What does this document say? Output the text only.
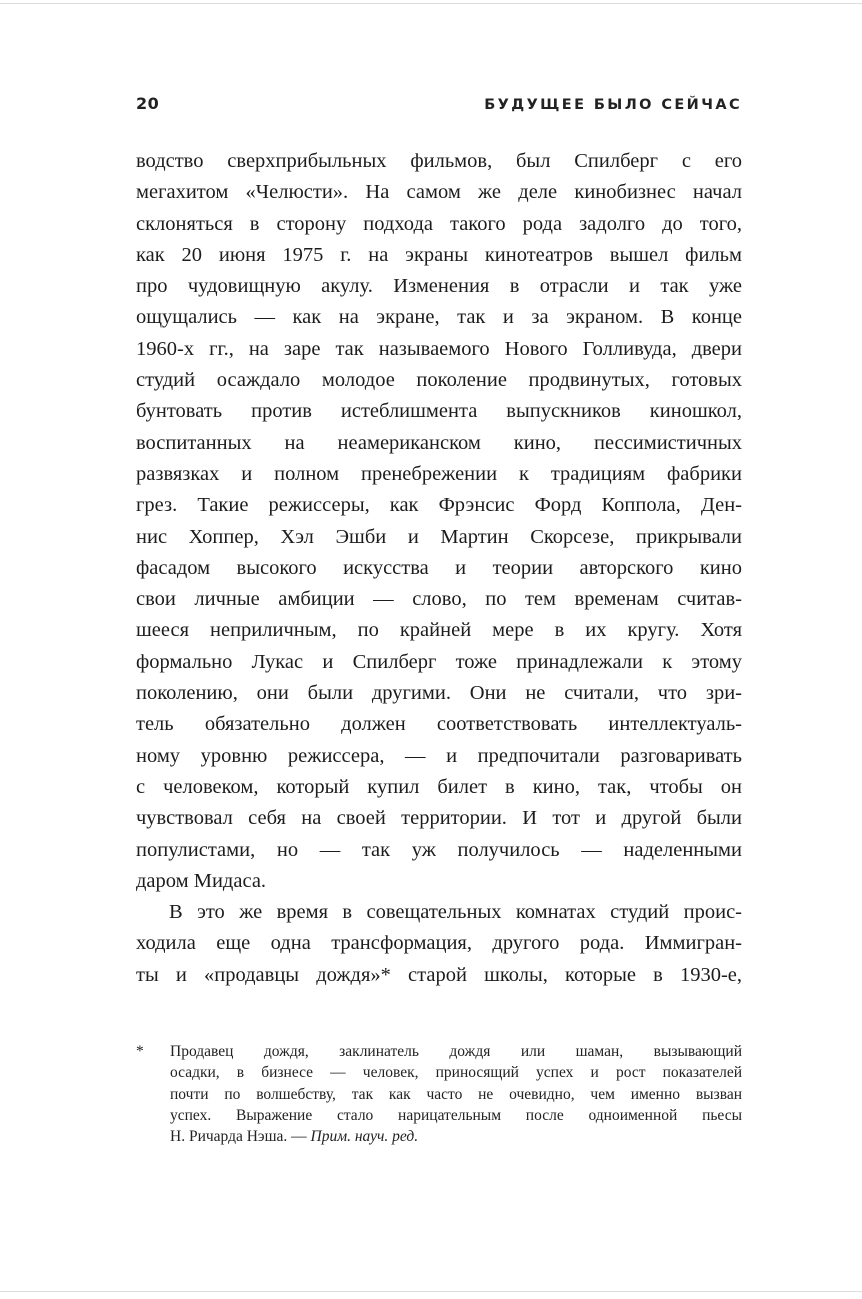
20	БУДУЩЕЕ БЫЛО СЕЙЧАС
водство сверхприбыльных фильмов, был Спилберг с его
мегахитом «Челюсти». На самом же деле кинобизнес начал
склоняться в сторону подхода такого рода задолго до того,
как 20 июня 1975 г. на экраны кинотеатров вышел фильм
про чудовищную акулу. Изменения в отрасли и так уже
ощущались — как на экране, так и за экраном. В конце
1960-х гг., на заре так называемого Нового Голливуда, двери
студий осаждало молодое поколение продвинутых, готовых
бунтовать против истеблишмента выпускников киношкол,
воспитанных на неамериканском кино, пессимистичных
развязках и полном пренебрежении к традициям фабрики
грез. Такие режиссеры, как Фрэнсис Форд Коппола, Ден-
нис Хоппер, Хэл Эшби и Мартин Скорсезе, прикрывали
фасадом высокого искусства и теории авторского кино
свои личные амбиции — слово, по тем временам считав-
шееся неприличным, по крайней мере в их кругу. Хотя
формально Лукас и Спилберг тоже принадлежали к этому
поколению, они были другими. Они не считали, что зри-
тель обязательно должен соответствовать интеллектуаль-
ному уровню режиссера, — и предпочитали разговаривать
с человеком, который купил билет в кино, так, чтобы он
чувствовал себя на своей территории. И тот и другой были
популистами, но — так уж получилось — наделенными
даром Мидаса.
В это же время в совещательных комнатах студий проис-
ходила еще одна трансформация, другого рода. Иммигран-
ты и «продавцы дождя»* старой школы, которые в 1930-е,
* Продавец дождя, заклинатель дождя или шаман, вызывающий
осадки, в бизнесе — человек, приносящий успех и рост показателей
почти по волшебству, так как часто не очевидно, чем именно вызван
успех. Выражение стало нарицательным после одноименной пьесы
Н. Ричарда Нэша. — Прим. науч. ред.
